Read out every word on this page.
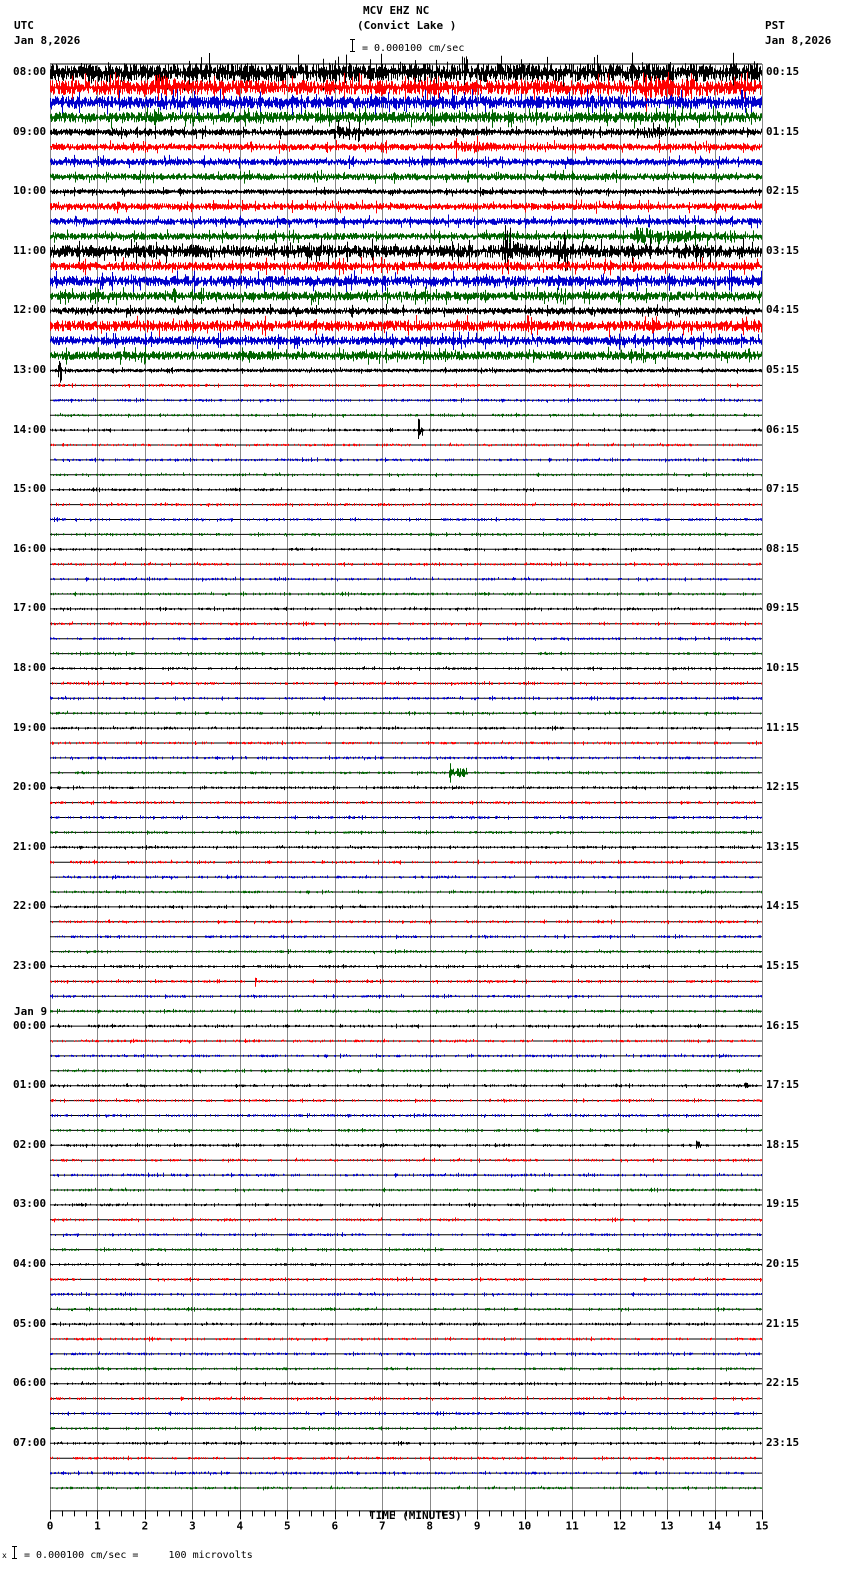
MCV EHZ NC
(Convict Lake )
= 0.000100 cm/sec
UTC
Jan 8,2026
PST
Jan 8,2026
0	1	2	3	4	5	6	7	8	9	10	11	12	13	14	15
TIME (MINUTES)
x = 0.000100 cm/sec =     100 microvolts
08:00
09:00
10:00
11:00
12:00
13:00
14:00
15:00
16:00
17:00
18:00
19:00
20:00
21:00
22:00
23:00
00:00
01:00
02:00
03:00
04:00
05:00
06:00
07:00
00:15
01:15
02:15
03:15
04:15
05:15
06:15
07:15
08:15
09:15
10:15
11:15
12:15
13:15
14:15
15:15
16:15
17:15
18:15
19:15
20:15
21:15
22:15
23:15
Jan 9
